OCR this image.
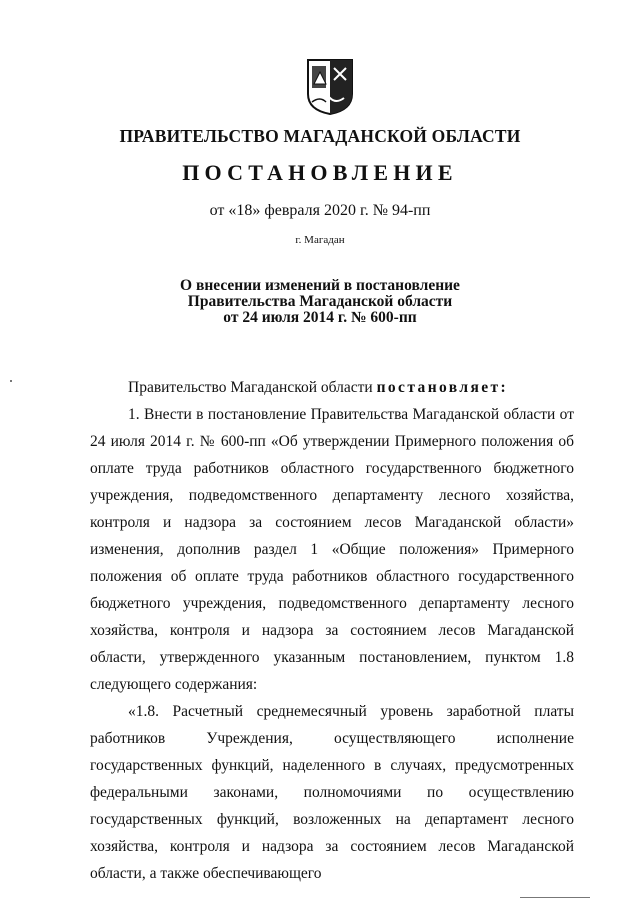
ПРАВИТЕЛЬСТВО МАГАДАНСКОЙ ОБЛАСТИ
ПОСТАНОВЛЕНИЕ
от «18» февраля 2020 г. № 94-пп
г. Магадан
О внесении изменений в постановление
Правительства Магаданской области
от 24 июля 2014 г. № 600-пп

Правительство Магаданской области постановляет:

1. Внести в постановление Правительства Магаданской области от 24 июля 2014 г. № 600-пп «Об утверждении Примерного положения об оплате труда работников областного государственного бюджетного учреждения, подведомственного департаменту лесного хозяйства, контроля и надзора за состоянием лесов Магаданской области» изменения, дополнив раздел 1 «Общие положения» Примерного положения об оплате труда работников областного государственного бюджетного учреждения, подведомственного департаменту лесного хозяйства, контроля и надзора за состоянием лесов Магаданской области, утвержденного указанным постановлением, пунктом 1.8 следующего содержания:

«1.8. Расчетный среднемесячный уровень заработной платы работников Учреждения, осуществляющего исполнение государственных функций, наделенного в случаях, предусмотренных федеральными законами, полномочиями по осуществлению государственных функций, возложенных на департамент лесного хозяйства, контроля и надзора за состоянием лесов Магаданской области, а также обеспечивающего
